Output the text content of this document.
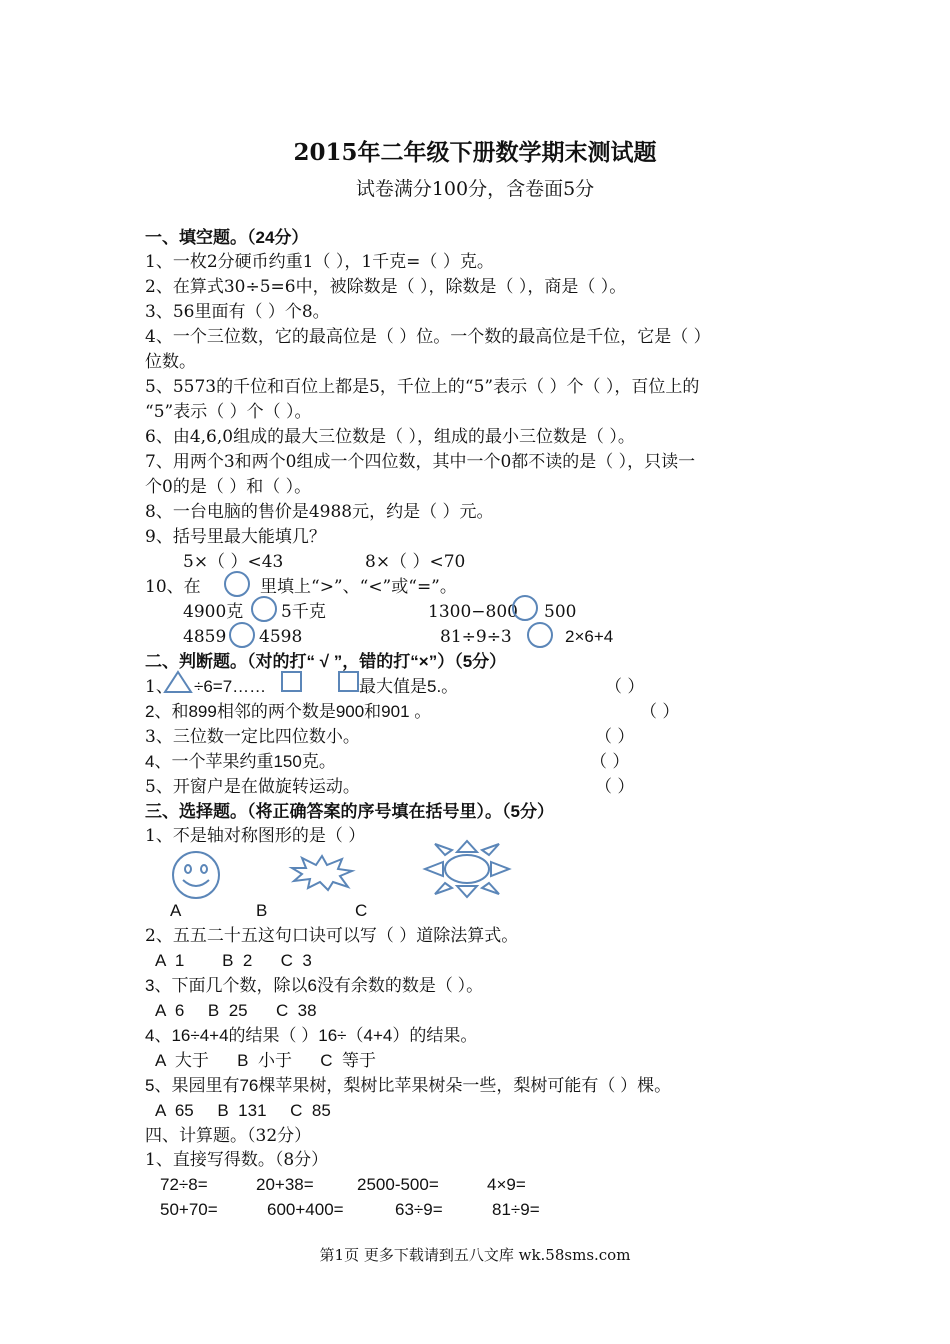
2015年二年级下册数学期末测试题
试卷满分100分，含卷面5分
一、填空题。（24分）
1、一枚2分硬币约重1（ ），1千克=（ ）克。
2、在算式30÷5=6中，被除数是（ ），除数是（ ），商是（ ）。
3、56里面有（ ）个8。
4、一个三位数，它的最高位是（ ）位。一个数的最高位是千位，它是（ ）
位数。
5、5573的千位和百位上都是5，千位上的“5”表示（ ）个（ ），百位上的
“5”表示（ ）个（ ）。
6、由4,6,0组成的最大三位数是（ ），组成的最小三位数是（ ）。
7、用两个3和两个0组成一个四位数，其中一个0都不读的是（ ），只读一
个0的是（ ）和（ ）。
8、一台电脑的售价是4988元，约是（ ）元。
9、括号里最大能填几？
5×（ ）<43	8×（ ）<70
10、在	里填上“>”、“<”或“=”。
4900克 5千克	1300−800 500
4859 4598	81÷9÷3	2×6+4
二、判断题。（对的打“ √ ”，错的打“×”）（5分）
1、 ÷6=7……	最大值是5.。	（ ）
2、和899相邻的两个数是900和901 。	（ ）
3、三位数一定比四位数小。	（ ）
4、一个苹果约重150克。	（ ）
5、开窗户是在做旋转运动。	（ ）
三、选择题。（将正确答案的序号填在括号里）。（5分）
1、不是轴对称图形的是（ ）
A	B	C
2、五五二十五这句口诀可以写（ ）道除法算式。
A  1        B  2      C  3
3、下面几个数，除以6没有余数的数是（ ）。
A  6     B  25      C  38
4、16÷4+4的结果（ ）16÷（4+4）的结果。
A  大于      B  小于      C  等于
5、果园里有76棵苹果树，梨树比苹果树朵一些，梨树可能有（ ）棵。
A  65     B  131     C  85
四、计算题。（32分）
1、直接写得数。（8分）
72÷8=	20+38=	2500-500=	4×9=
50+70=	600+400=	63÷9=	81÷9=
第1页 更多下载请到五八文库 wk.58sms.com
